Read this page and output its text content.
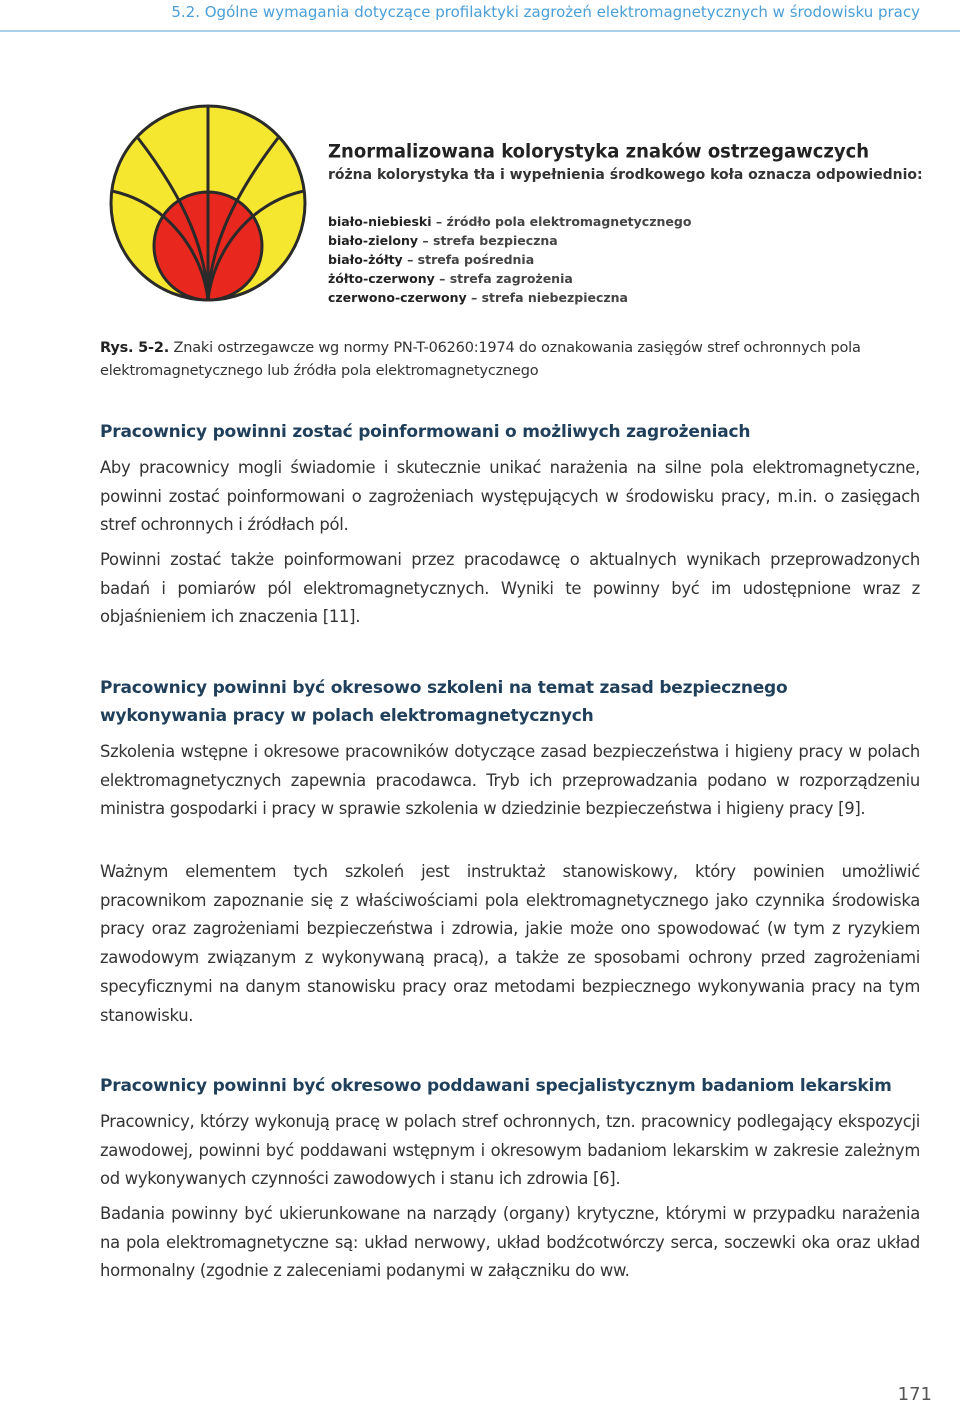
5.2. Ogólne wymagania dotyczące profilaktyki zagrożeń elektromagnetycznych w środowisku pracy
Znormalizowana kolorystyka znaków ostrzegawczych
różna kolorystyka tła i wypełnienia środkowego koła oznacza odpowiednio:
biało-niebieski – źródło pola elektromagnetycznego
biało-zielony – strefa bezpieczna
biało-żółty – strefa pośrednia
żółto-czerwony – strefa zagrożenia
czerwono-czerwony – strefa niebezpieczna
Rys. 5-2. Znaki ostrzegawcze wg normy PN-T-06260:1974 do oznakowania zasięgów stref ochronnych pola elektromagnetycznego lub źródła pola elektromagnetycznego
Pracownicy powinni zostać poinformowani o możliwych zagrożeniach
Aby pracownicy mogli świadomie i skutecznie unikać narażenia na silne pola elektromagnetyczne, powinni zostać poinformowani o zagrożeniach występujących w środowisku pracy, m.in. o zasięgach stref ochronnych i źródłach pól.
Powinni zostać także poinformowani przez pracodawcę o aktualnych wynikach przeprowadzonych badań i pomiarów pól elektromagnetycznych. Wyniki te powinny być im udostępnione wraz z objaśnieniem ich znaczenia [11].
Pracownicy powinni być okresowo szkoleni na temat zasad bezpiecznego wykonywania pracy w polach elektromagnetycznych
Szkolenia wstępne i okresowe pracowników dotyczące zasad bezpieczeństwa i higieny pracy w polach elektromagnetycznych zapewnia pracodawca. Tryb ich przeprowadzania podano w rozporządzeniu ministra gospodarki i pracy w sprawie szkolenia w dziedzinie bezpieczeństwa i higieny pracy [9].
Ważnym elementem tych szkoleń jest instruktaż stanowiskowy, który powinien umożliwić pracownikom zapoznanie się z właściwościami pola elektromagnetycznego jako czynnika środowiska pracy oraz zagrożeniami bezpieczeństwa i zdrowia, jakie może ono spowodować (w tym z ryzykiem zawodowym związanym z wykonywaną pracą), a także ze sposobami ochrony przed zagrożeniami specyficznymi na danym stanowisku pracy oraz metodami bezpiecznego wykonywania pracy na tym stanowisku.
Pracownicy powinni być okresowo poddawani specjalistycznym badaniom lekarskim
Pracownicy, którzy wykonują pracę w polach stref ochronnych, tzn. pracownicy podlegający ekspozycji zawodowej, powinni być poddawani wstępnym i okresowym badaniom lekarskim w zakresie zależnym od wykonywanych czynności zawodowych i stanu ich zdrowia [6].
Badania powinny być ukierunkowane na narządy (organy) krytyczne, którymi w przypadku narażenia na pola elektromagnetyczne są: układ nerwowy, układ bodźcotwórczy serca, soczewki oka oraz układ hormonalny (zgodnie z zaleceniami podanymi w załączniku do ww.
171
